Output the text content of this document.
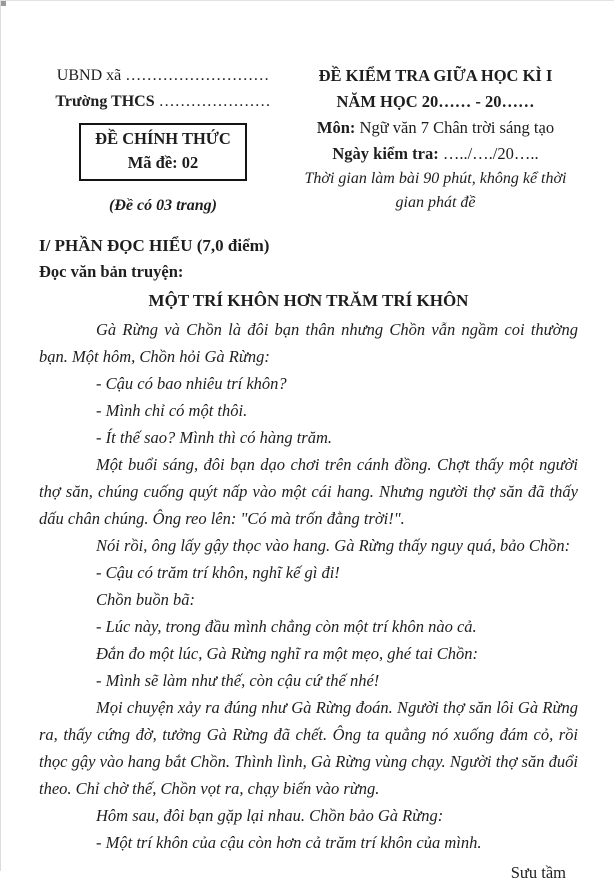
UBND xã ………………………
Trường THCS …………………
ĐỀ CHÍNH THỨC
Mã đề: 02
(Đề có 03 trang)
ĐỀ KIỂM TRA GIỮA HỌC KÌ I
NĂM HỌC 20…… - 20……
Môn: Ngữ văn 7 Chân trời sáng tạo
Ngày kiểm tra: …../…./20…..
Thời gian làm bài 90 phút, không kể thời gian phát đề
I/ PHẦN ĐỌC HIỂU (7,0 điểm)
Đọc văn bản truyện:
MỘT TRÍ KHÔN HƠN TRĂM TRÍ KHÔN

Gà Rừng và Chồn là đôi bạn thân nhưng Chồn vẫn ngầm coi thường bạn. Một hôm, Chồn hỏi Gà Rừng:

- Cậu có bao nhiêu trí khôn?

- Mình chỉ có một thôi.

- Ít thế sao? Mình thì có hàng trăm.

Một buổi sáng, đôi bạn dạo chơi trên cánh đồng. Chợt thấy một người thợ săn, chúng cuống quýt nấp vào một cái hang. Nhưng người thợ săn đã thấy dấu chân chúng. Ông reo lên: "Có mà trốn đằng trời!".

Nói rồi, ông lấy gậy thọc vào hang. Gà Rừng thấy nguy quá, bảo Chồn:

- Cậu có trăm trí khôn, nghĩ kế gì đi!

Chồn buồn bã:

- Lúc này, trong đầu mình chẳng còn một trí khôn nào cả.

Đắn đo một lúc, Gà Rừng nghĩ ra một mẹo, ghé tai Chồn:

- Mình sẽ làm như thế, còn cậu cứ thế nhé!

Mọi chuyện xảy ra đúng như Gà Rừng đoán. Người thợ săn lôi Gà Rừng ra, thấy cứng đờ, tưởng Gà Rừng đã chết. Ông ta quẳng nó xuống đám cỏ, rồi thọc gậy vào hang bắt Chồn. Thình lình, Gà Rừng vùng chạy. Người thợ săn đuổi theo. Chỉ chờ thế, Chồn vọt ra, chạy biến vào rừng.

Hôm sau, đôi bạn gặp lại nhau. Chồn bảo Gà Rừng:

- Một trí khôn của cậu còn hơn cả trăm trí khôn của mình.

Sưu tầm
